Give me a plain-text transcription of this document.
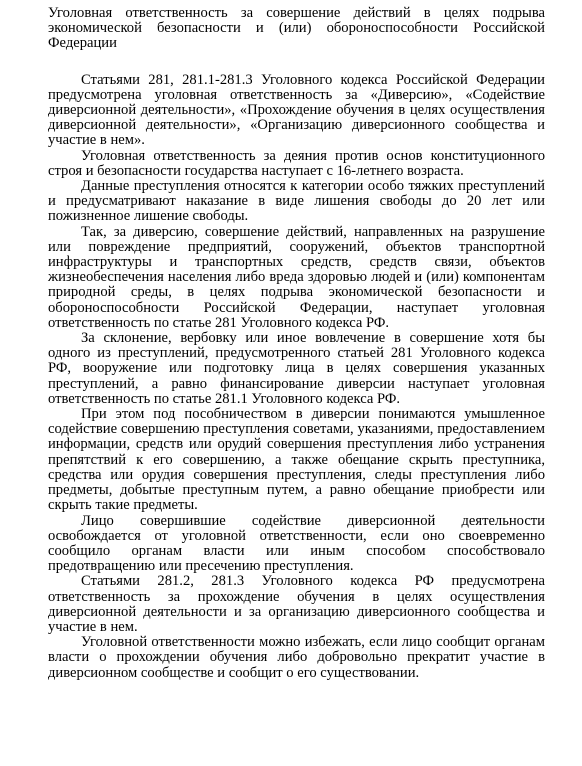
Уголовная ответственность за совершение действий в целях подрыва экономической безопасности и (или) обороноспособности Российской Федерации

Статьями 281, 281.1-281.3 Уголовного кодекса Российской Федерации предусмотрена уголовная ответственность за «Диверсию», «Содействие диверсионной деятельности», «Прохождение обучения в целях осуществления диверсионной деятельности», «Организацию диверсионного сообщества и участие в нем».

Уголовная ответственность за деяния против основ конституционного строя и безопасности государства наступает с 16-летнего возраста.

Данные преступления относятся к категории особо тяжких преступлений и предусматривают наказание в виде лишения свободы до 20 лет или пожизненное лишение свободы.

Так, за диверсию, совершение действий, направленных на разрушение или повреждение предприятий, сооружений, объектов транспортной инфраструктуры и транспортных средств, средств связи, объектов жизнеобеспечения населения либо вреда здоровью людей и (или) компонентам природной среды, в целях подрыва экономической безопасности и обороноспособности Российской Федерации, наступает уголовная ответственность по статье 281 Уголовного кодекса РФ.

За склонение, вербовку или иное вовлечение в совершение хотя бы одного из преступлений, предусмотренного статьей 281 Уголовного кодекса РФ, вооружение или подготовку лица в целях совершения указанных преступлений, а равно финансирование диверсии наступает уголовная ответственность по статье 281.1 Уголовного кодекса РФ.

При этом под пособничеством в диверсии понимаются умышленное содействие совершению преступления советами, указаниями, предоставлением информации, средств или орудий совершения преступления либо устранения препятствий к его совершению, а также обещание скрыть преступника, средства или орудия совершения преступления, следы преступления либо предметы, добытые преступным путем, а равно обещание приобрести или скрыть такие предметы.

Лицо совершившие содействие диверсионной деятельности освобождается от уголовной ответственности, если оно своевременно сообщило органам власти или иным способом способствовало предотвращению или пресечению преступления.

Статьями 281.2, 281.3 Уголовного кодекса РФ предусмотрена ответственность за прохождение обучения в целях осуществления диверсионной деятельности и за организацию диверсионного сообщества и участие в нем.

Уголовной ответственности можно избежать, если лицо сообщит органам власти о прохождении обучения либо добровольно прекратит участие в диверсионном сообществе и сообщит о его существовании.
